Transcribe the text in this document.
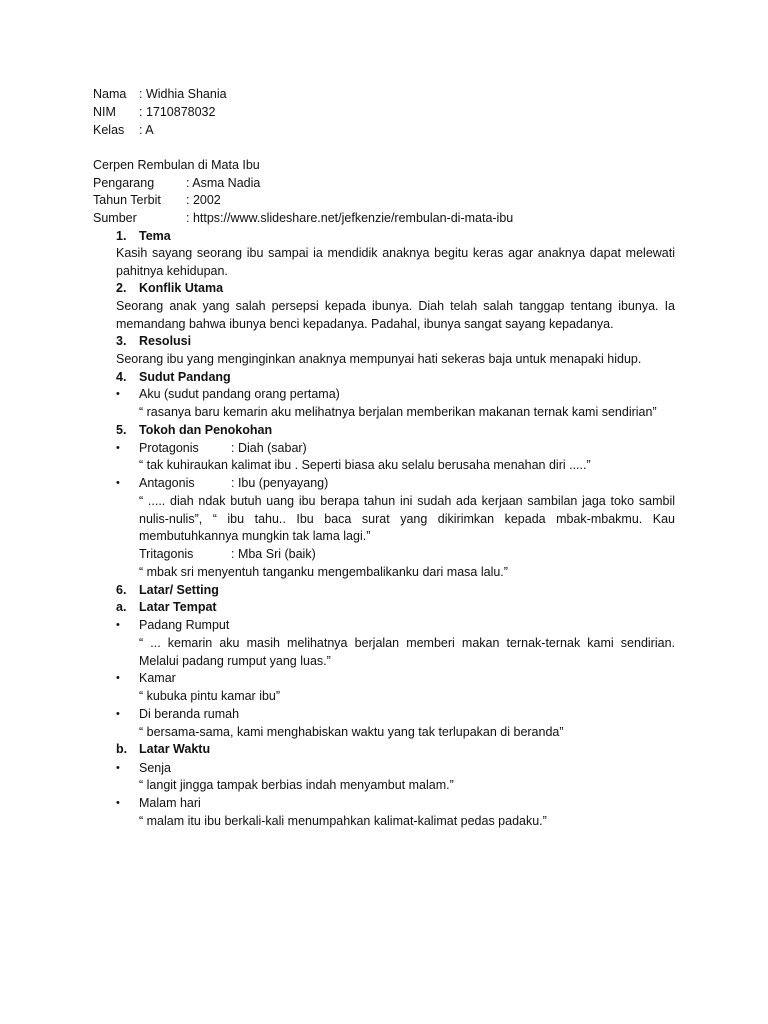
Nama : Widhia Shania
NIM : 1710878032
Kelas : A
Cerpen Rembulan di Mata Ibu
Pengarang	: Asma Nadia
Tahun Terbit : 2002
Sumber	: https://www.slideshare.net/jefkenzie/rembulan-di-mata-ibu
1. Tema
Kasih sayang seorang ibu sampai ia mendidik anaknya begitu keras agar anaknya dapat melewati pahitnya kehidupan.
2. Konflik Utama
Seorang anak yang salah persepsi kepada ibunya. Diah telah salah tanggap tentang ibunya. Ia memandang bahwa ibunya benci kepadanya. Padahal, ibunya sangat sayang kepadanya.
3. Resolusi
Seorang ibu yang menginginkan anaknya mempunyai hati sekeras baja untuk menapaki hidup.
4. Sudut Pandang
• Aku (sudut pandang orang pertama)
“ rasanya baru kemarin aku melihatnya berjalan memberikan makanan ternak kami sendirian”
5. Tokoh dan Penokohan
• Protagonis	: Diah (sabar)
“ tak kuhiraukan kalimat ibu . Seperti biasa aku selalu berusaha menahan diri .....”
• Antagonis	: Ibu (penyayang)
“ ..... diah ndak butuh uang ibu berapa tahun ini sudah ada kerjaan sambilan jaga toko sambil nulis-nulis”, “ ibu tahu.. Ibu baca surat yang dikirimkan kepada mbak-mbakmu. Kau membutuhkannya mungkin tak lama lagi.”
Tritagonis	: Mba Sri (baik)
“ mbak sri menyentuh tanganku mengembalikanku dari masa lalu.”
6. Latar/ Setting
a. Latar Tempat
• Padang Rumput
“ ... kemarin aku masih melihatnya berjalan memberi makan ternak-ternak kami sendirian. Melalui padang rumput yang luas.”
• Kamar
“ kubuka pintu kamar ibu”
• Di beranda rumah
“ bersama-sama, kami menghabiskan waktu yang tak terlupakan di beranda”
b. Latar Waktu
• Senja
“ langit jingga tampak berbias indah menyambut malam.”
• Malam hari
“ malam itu ibu berkali-kali menumpahkan kalimat-kalimat pedas padaku.”
